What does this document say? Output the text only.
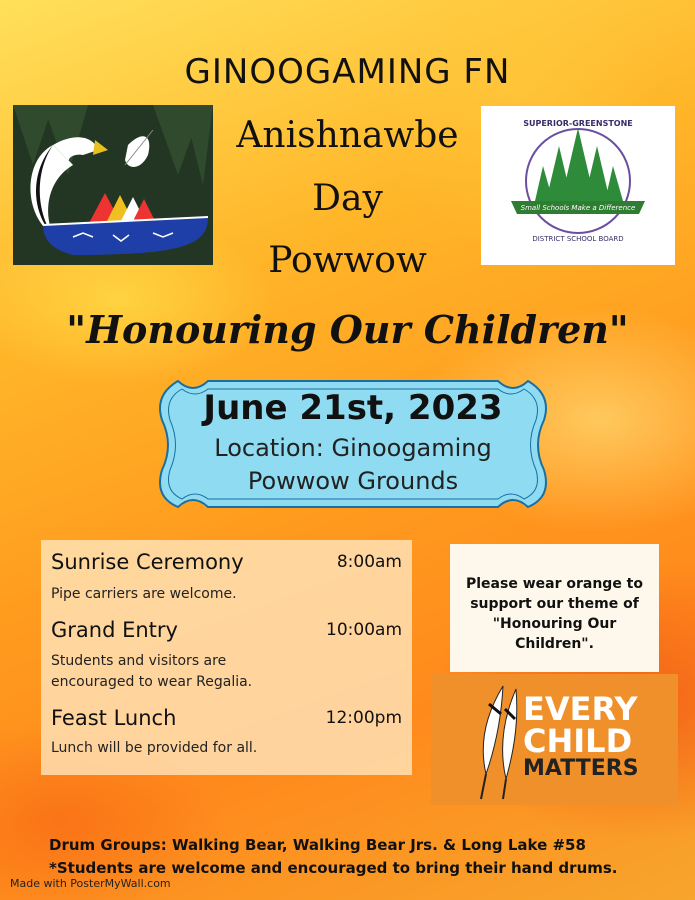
GINOOGAMING FN
Anishnawbe
Day
Powwow
Small Schools Make a Difference
SUPERIOR-GREENSTONE
DISTRICT SCHOOL BOARD
"Honouring Our Children"
June 21st, 2023
Location: Ginoogaming
Powwow Grounds
Sunrise Ceremony	8:00am
Pipe carriers are welcome.
Grand Entry	10:00am
Students and visitors are encouraged to wear Regalia.
Feast Lunch	12:00pm
Lunch will be provided for all.
Please wear orange to support our theme of "Honouring Our Children".
EVERY
CHILD
MATTERS
Drum Groups: Walking Bear, Walking Bear Jrs. & Long Lake #58
*Students are welcome and encouraged to bring their hand drums.
Made with PosterMyWall.com
